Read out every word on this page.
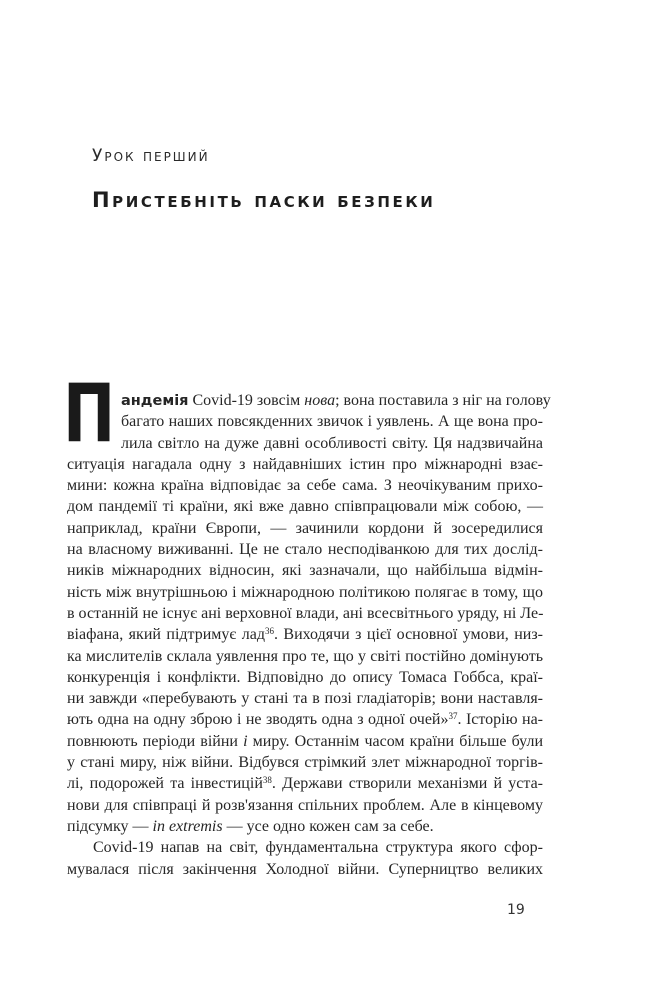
Урок перший
Пристебніть паски безпеки
П андемія Covid-19 зовсім нова; вона поставила з ніг на голову
багато наших повсякденних звичок і уявлень. А ще вона про-
лила світло на дуже давні особливості світу. Ця надзвичайна
ситуація нагадала одну з найдавніших істин про міжнародні взає-
мини: кожна країна відповідає за себе сама. З неочікуваним прихо-
дом пандемії ті країни, які вже давно співпрацювали між собою, —
наприклад, країни Європи, — зачинили кордони й зосередилися
на власному виживанні. Це не стало несподіванкою для тих дослід-
ників міжнародних відносин, які зазначали, що найбільша відмін-
ність між внутрішньою і міжнародною політикою полягає в тому, що
в останній не існує ані верховної влади, ані всесвітнього уряду, ні Ле-
віафана, який підтримує лад$^{36}$. Виходячи з цієї основної умови, низ-
ка мислителів склала уявлення про те, що у світі постійно домінують
конкуренція і конфлікти. Відповідно до опису Томаса Гоббса, краї-
ни завжди «перебувають у стані та в позі гладіаторів; вони наставля-
ють одна на одну зброю і не зводять одна з одної очей»$^{37}$. Історію на-
повнюють періоди війни і миру. Останнім часом країни більше були
у стані миру, ніж війни. Відбувся стрімкий злет міжнародної торгів-
лі, подорожей та інвестицій$^{38}$. Держави створили механізми й уста-
нови для співпраці й розв'язання спільних проблем. Але в кінцевому
підсумку — in extremis — усе одно кожен сам за себе.
Covid-19 напав на світ, фундаментальна структура якого сфор-
мувалася після закінчення Холодної війни. Суперництво великих
19
